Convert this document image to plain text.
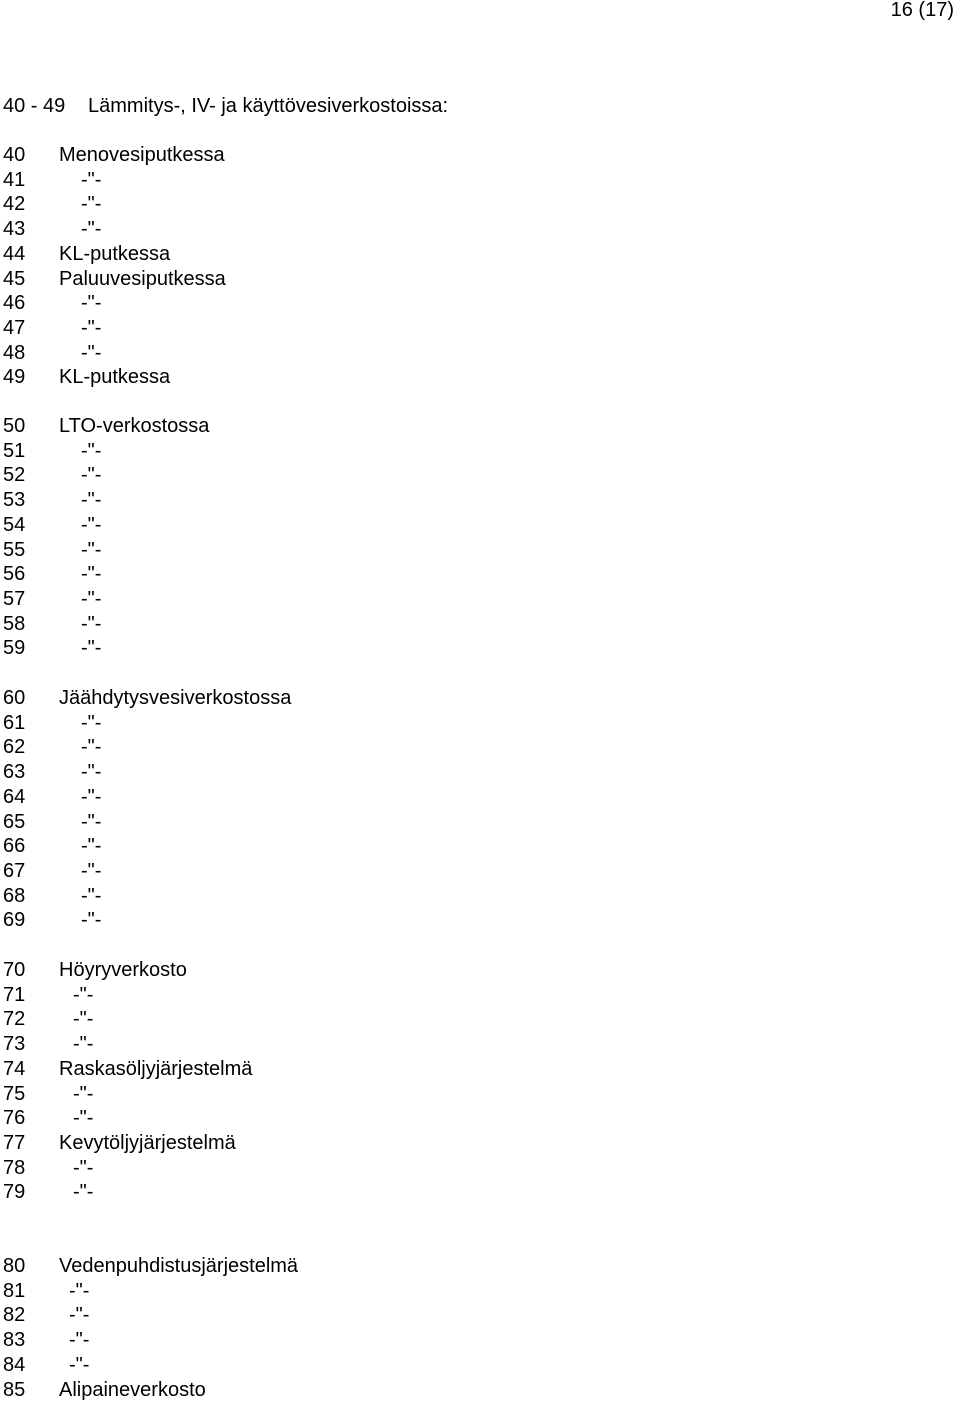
16 (17)
40 - 49 Lämmitys-, IV- ja käyttövesiverkostoissa:
40 Menovesiputkessa
41	-"-
42	-"-
43	-"-
44 KL-putkessa
45 Paluuvesiputkessa
46	-"-
47	-"-
48	-"-
49 KL-putkessa
50 LTO-verkostossa
51	-"-
52	-"-
53	-"-
54	-"-
55	-"-
56	-"-
57	-"-
58	-"-
59	-"-
60 Jäähdytysvesiverkostossa
61	-"-
62	-"-
63	-"-
64	-"-
65	-"-
66	-"-
67	-"-
68	-"-
69	-"-
70 Höyryverkosto
71 -"-
72 -"-
73 -"-
74 Raskasöljyjärjestelmä
75 -"-
76 -"-
77 Kevytöljyjärjestelmä
78 -"-
79 -"-
80 Vedenpuhdistusjärjestelmä
81 -"-
82 -"-
83 -"-
84 -"-
85 Alipaineverkosto
